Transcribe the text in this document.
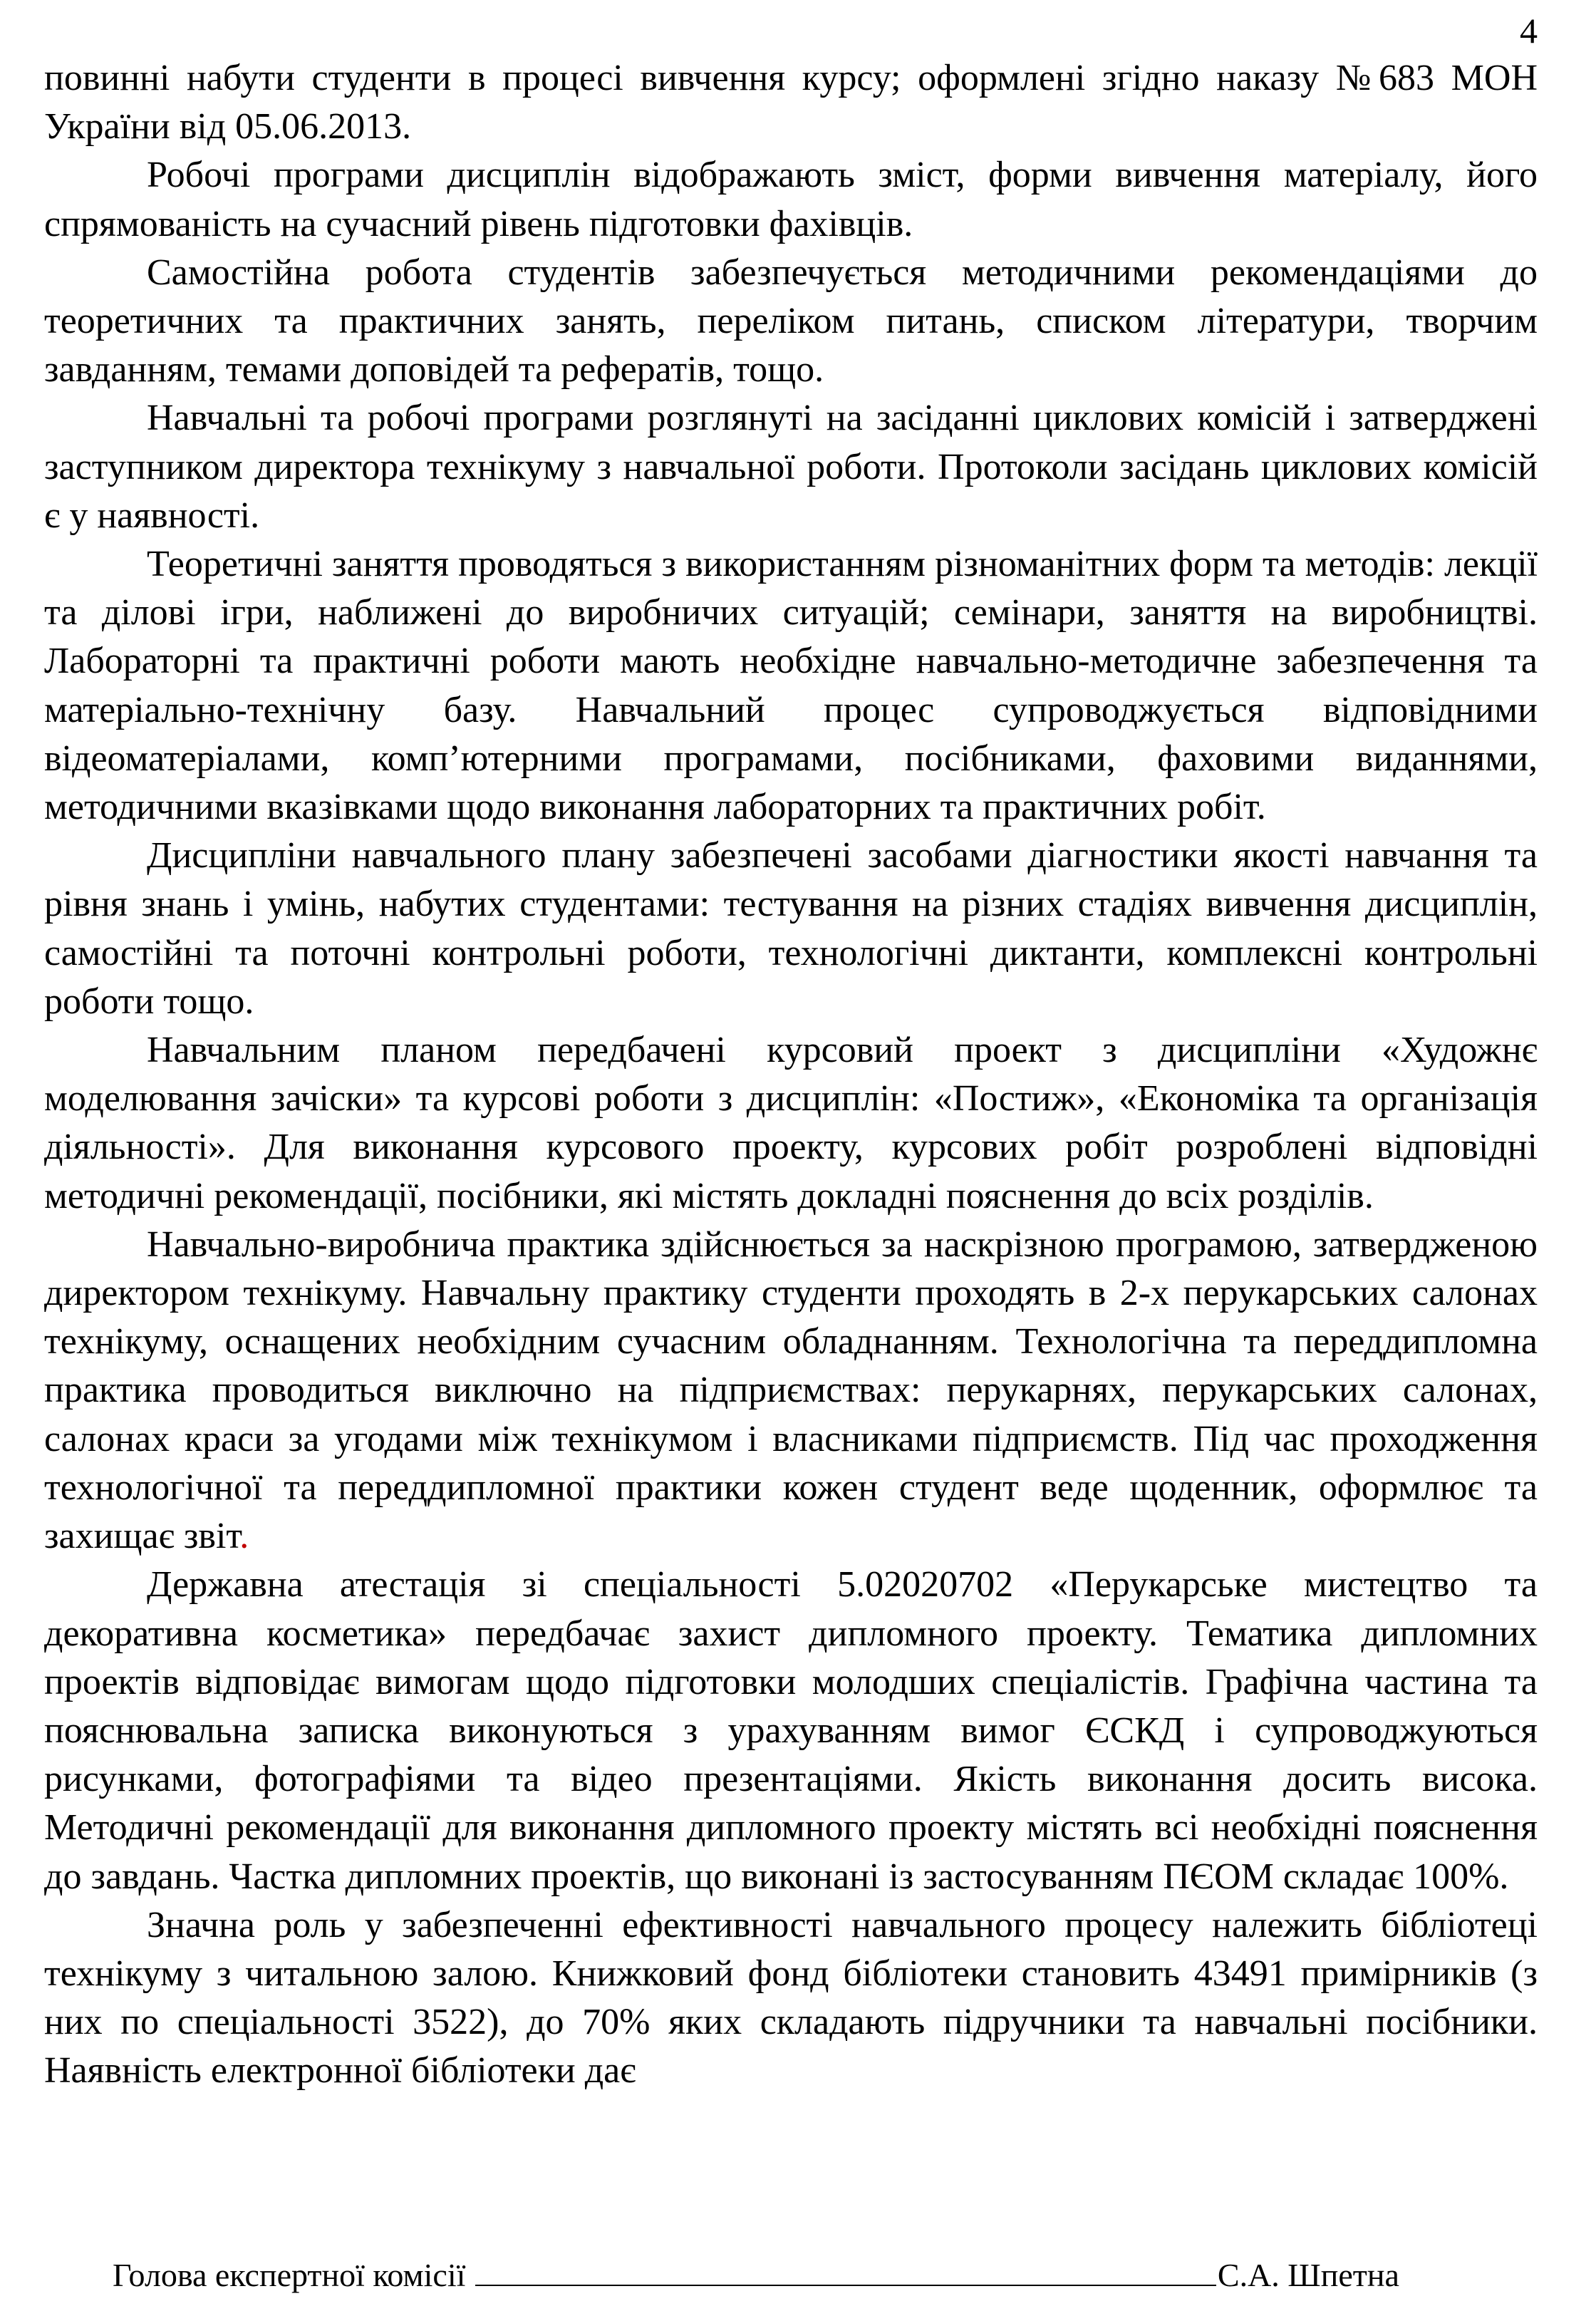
4

повинні набути студенти в процесі вивчення курсу; оформлені згідно наказу №683 МОН України від 05.06.2013.

Робочі програми дисциплін відображають зміст, форми вивчення матеріалу, його спрямованість на сучасний рівень підготовки фахівців.

Самостійна робота студентів забезпечується методичними рекомендаціями до теоретичних та практичних занять, переліком питань, списком літератури, творчим завданням, темами доповідей та рефератів, тощо.

Навчальні та робочі програми розглянуті на засіданні циклових комісій і затверджені заступником директора технікуму з навчальної роботи. Протоколи засідань циклових комісій є у наявності.

Теоретичні заняття проводяться з використанням різноманітних форм та методів: лекції та ділові ігри, наближені до виробничих ситуацій; семінари, заняття на виробництві. Лабораторні та практичні роботи мають необхідне навчально-методичне забезпечення та матеріально-технічну базу. Навчальний процес супроводжується відповідними відеоматеріалами, комп’ютерними програмами, посібниками, фаховими виданнями, методичними вказівками щодо виконання лабораторних та практичних робіт.

Дисципліни навчального плану забезпечені засобами діагностики якості навчання та рівня знань і умінь, набутих студентами: тестування на різних стадіях вивчення дисциплін, самостійні та поточні контрольні роботи, технологічні диктанти, комплексні контрольні роботи тощо.

Навчальним планом передбачені курсовий проект з дисципліни «Художнє моделювання зачіски» та курсові роботи з дисциплін: «Постиж», «Економіка та організація діяльності». Для виконання курсового проекту, курсових робіт розроблені відповідні методичні рекомендації, посібники, які містять докладні пояснення до всіх розділів.

Навчально-виробнича практика здійснюється за наскрізною програмою, затвердженою директором технікуму. Навчальну практику студенти проходять в 2-х перукарських салонах технікуму, оснащених необхідним сучасним обладнанням. Технологічна та переддипломна практика проводиться виключно на підприємствах: перукарнях, перукарських салонах, салонах краси за угодами між технікумом і власниками підприємств. Під час проходження технологічної та переддипломної практики кожен студент веде щоденник, оформлює та захищає звіт.

Державна атестація зі спеціальності 5.02020702 «Перукарське мистецтво та декоративна косметика» передбачає захист дипломного проекту. Тематика дипломних проектів відповідає вимогам щодо підготовки молодших спеціалістів. Графічна частина та пояснювальна записка виконуються з урахуванням вимог ЄСКД і супроводжуються рисунками, фотографіями та відео презентаціями. Якість виконання досить висока. Методичні рекомендації для виконання дипломного проекту містять всі необхідні пояснення до завдань. Частка дипломних проектів, що виконані із застосуванням ПЄОМ складає 100%.

Значна роль у забезпеченні ефективності навчального процесу належить бібліотеці технікуму з читальною залою. Книжковий фонд бібліотеки становить 43491 примірників (з них по спеціальності 3522), до 70% яких складають підручники та навчальні посібники. Наявність електронної бібліотеки дає

Голова експертної комісії	С.А. Шпетна
